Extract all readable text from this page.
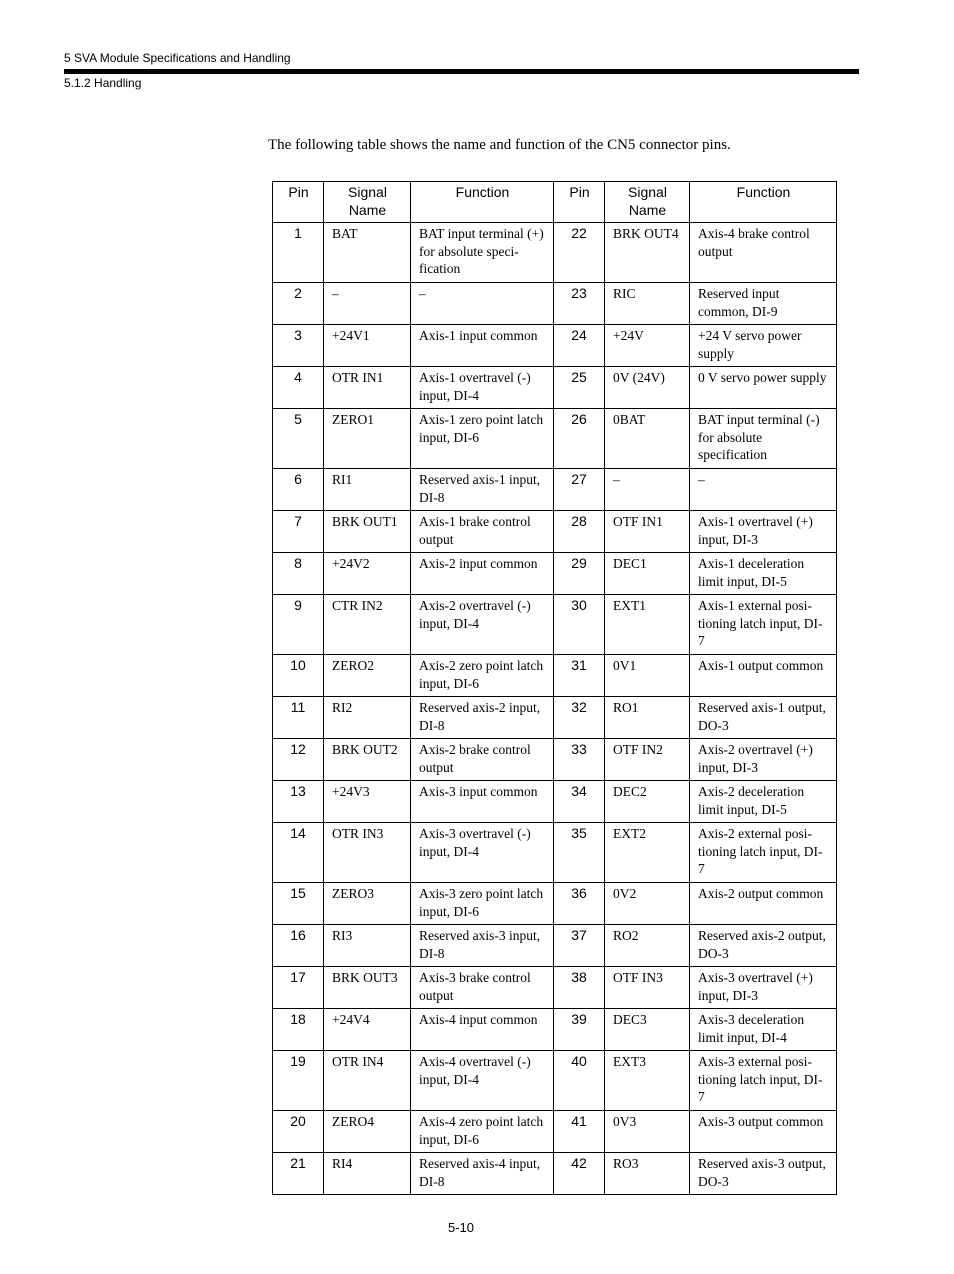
5 SVA Module Specifications and Handling
5.1.2 Handling
The following table shows the name and function of the CN5 connector pins.
Pin	Signal Name	Function	Pin	Signal Name	Function
1	BAT	BAT input terminal (+) for absolute speci-fication	22	BRK OUT4	Axis-4 brake control output
2	–	–	23	RIC	Reserved input common, DI-9
3	+24V1	Axis-1 input common	24	+24V	+24 V servo power supply
4	OTR IN1	Axis-1 overtravel (-) input, DI-4	25	0V (24V)	0 V servo power supply
5	ZERO1	Axis-1 zero point latch input, DI-6	26	0BAT	BAT input terminal (-) for absolute specification
6	RI1	Reserved axis-1 input, DI-8	27	–	–
7	BRK OUT1	Axis-1 brake control output	28	OTF IN1	Axis-1 overtravel (+) input, DI-3
8	+24V2	Axis-2 input common	29	DEC1	Axis-1 deceleration limit input, DI-5
9	CTR IN2	Axis-2 overtravel (-) input, DI-4	30	EXT1	Axis-1 external posi-tioning latch input, DI-7
10	ZERO2	Axis-2 zero point latch input, DI-6	31	0V1	Axis-1 output common
11	RI2	Reserved axis-2 input, DI-8	32	RO1	Reserved axis-1 output, DO-3
12	BRK OUT2	Axis-2 brake control output	33	OTF IN2	Axis-2 overtravel (+) input, DI-3
13	+24V3	Axis-3 input common	34	DEC2	Axis-2 deceleration limit input, DI-5
14	OTR IN3	Axis-3 overtravel (-) input, DI-4	35	EXT2	Axis-2 external posi-tioning latch input, DI-7
15	ZERO3	Axis-3 zero point latch input, DI-6	36	0V2	Axis-2 output common
16	RI3	Reserved axis-3 input, DI-8	37	RO2	Reserved axis-2 output, DO-3
17	BRK OUT3	Axis-3 brake control output	38	OTF IN3	Axis-3 overtravel (+) input, DI-3
18	+24V4	Axis-4 input common	39	DEC3	Axis-3 deceleration limit input, DI-4
19	OTR IN4	Axis-4 overtravel (-) input, DI-4	40	EXT3	Axis-3 external posi-tioning latch input, DI-7
20	ZERO4	Axis-4 zero point latch input, DI-6	41	0V3	Axis-3 output common
21	RI4	Reserved axis-4 input, DI-8	42	RO3	Reserved axis-3 output, DO-3
5-10
